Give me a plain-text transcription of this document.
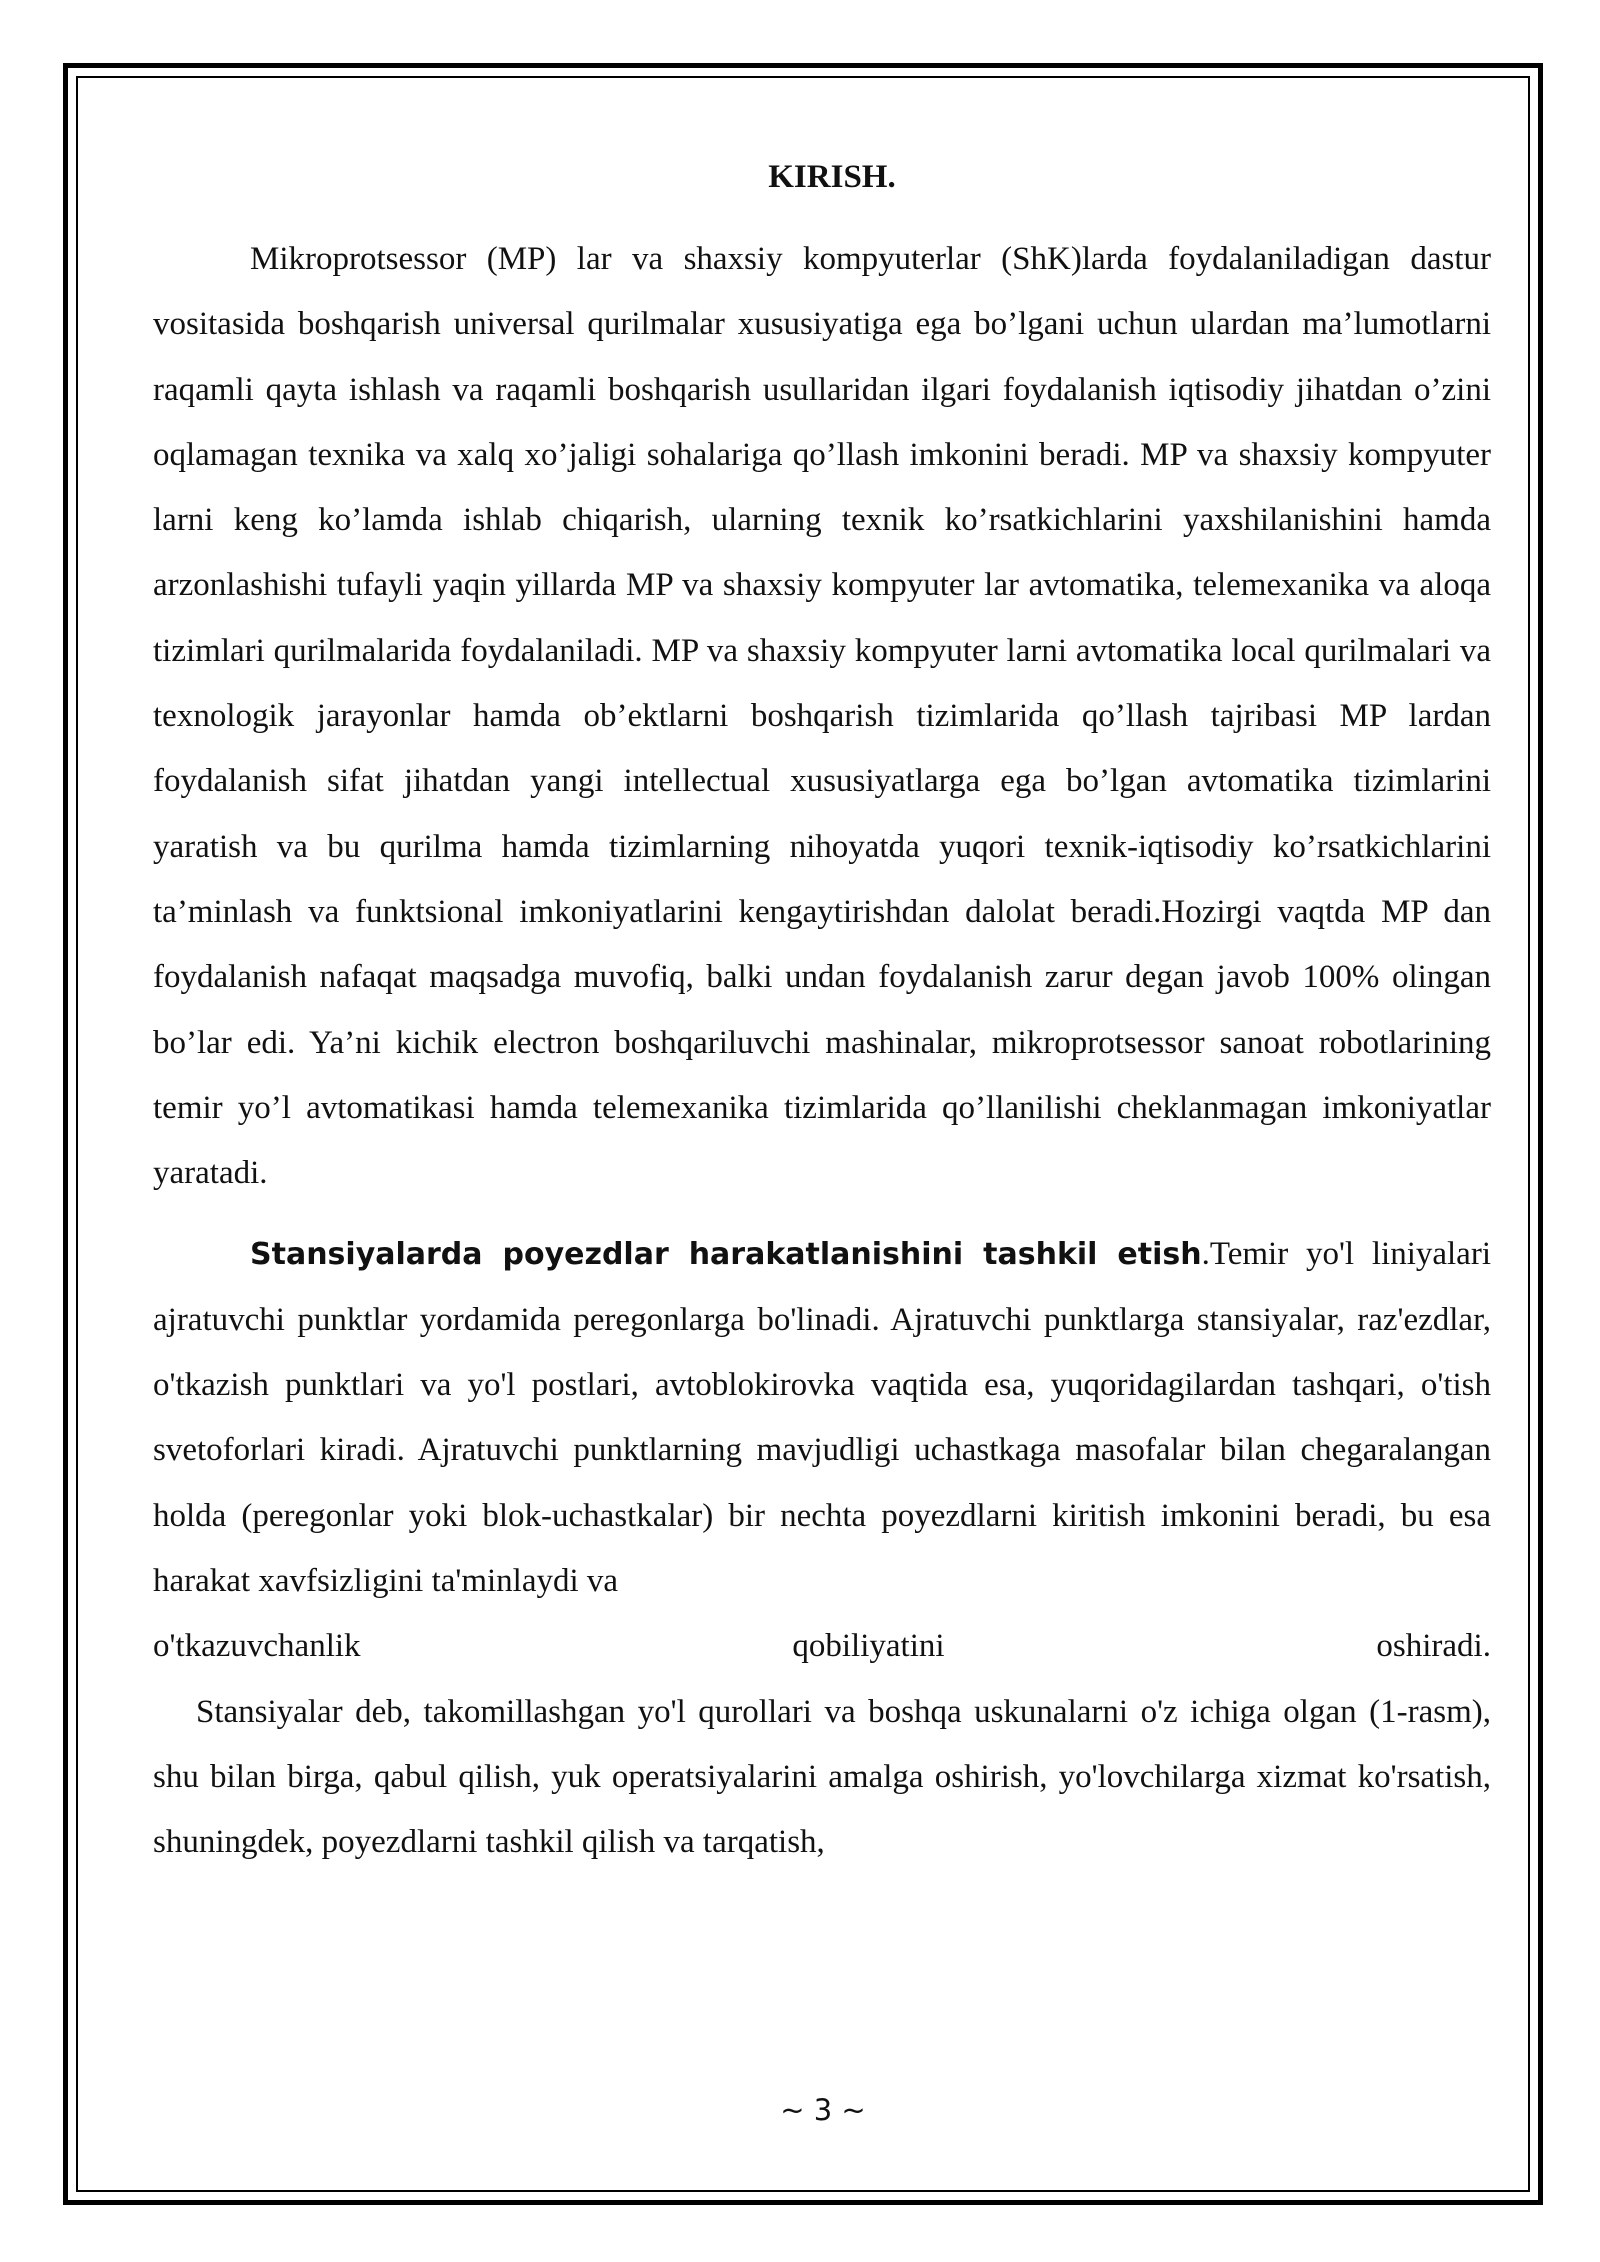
KIRISH.

Mikroprotsessor (MP) lar va shaxsiy kompyuterlar (ShK)larda foydalaniladigan dastur vositasida boshqarish universal qurilmalar xususiyatiga ega bo’lgani uchun ulardan ma’lumotlarni raqamli qayta ishlash va raqamli boshqarish usullaridan ilgari foydalanish iqtisodiy jihatdan o’zini oqlamagan texnika va xalq xo’jaligi sohalariga qo’llash imkonini beradi. MP va shaxsiy kompyuter larni keng ko’lamda ishlab chiqarish, ularning texnik ko’rsatkichlarini yaxshilanishini hamda arzonlashishi tufayli yaqin yillarda MP va shaxsiy kompyuter lar avtomatika, telemexanika va aloqa tizimlari qurilmalarida foydalaniladi. MP va shaxsiy kompyuter larni avtomatika local qurilmalari va texnologik jarayonlar hamda ob’ektlarni boshqarish tizimlarida qo’llash tajribasi MP lardan foydalanish sifat jihatdan yangi intellectual xususiyatlarga ega bo’lgan avtomatika tizimlarini yaratish va bu qurilma hamda tizimlarning nihoyatda yuqori texnik-iqtisodiy ko’rsatkichlarini ta’minlash va funktsional imkoniyatlarini kengaytirishdan dalolat beradi.Hozirgi vaqtda MP dan foydalanish nafaqat maqsadga muvofiq, balki undan foydalanish zarur degan javob 100% olingan bo’lar edi. Ya’ni kichik electron boshqariluvchi mashinalar, mikroprotsessor sanoat robotlarining temir yo’l avtomatikasi hamda telemexanika tizimlarida qo’llanilishi cheklanmagan imkoniyatlar yaratadi.

Stansiyalarda poyezdlar harakatlanishini tashkil etish.Temir yo'l liniyalari ajratuvchi punktlar yordamida peregonlarga bo'linadi. Ajratuvchi punktlarga stansiyalar, raz'ezdlar, o'tkazish punktlari va yo'l postlari, avtoblokirovka vaqtida esa, yuqoridagilardan tashqari, o'tish svetoforlari kiradi. Ajratuvchi punktlarning mavjudligi uchastkaga masofalar bilan chegaralangan holda (peregonlar yoki blok-uchastkalar) bir nechta poyezdlarni kiritish imkonini beradi, bu esa harakat xavfsizligini ta'minlaydi va

o'tkazuvchanlik	qobiliyatini	oshiradi.

Stansiyalar deb, takomillashgan yo'l qurollari va boshqa uskunalarni o'z ichiga olgan (1-rasm), shu bilan birga, qabul qilish, yuk operatsiyalarini amalga oshirish, yo'lovchilarga xizmat ko'rsatish, shuningdek, poyezdlarni tashkil qilish va tarqatish,

~ 3 ~
